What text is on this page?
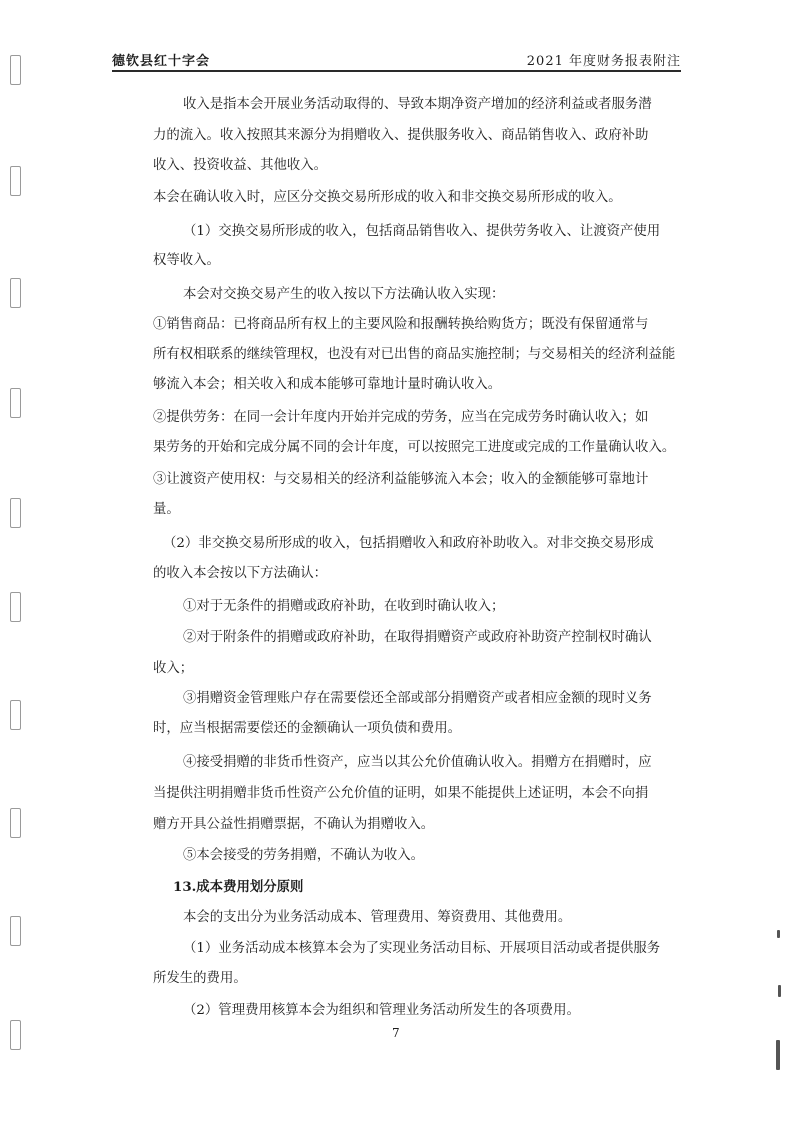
德钦县红十字会	2021 年度财务报表附注
收入是指本会开展业务活动取得的、导致本期净资产增加的经济利益或者服务潜
力的流入。收入按照其来源分为捐赠收入、提供服务收入、商品销售收入、政府补助
收入、投资收益、其他收入。
本会在确认收入时，应区分交换交易所形成的收入和非交换交易所形成的收入。
（1）交换交易所形成的收入，包括商品销售收入、提供劳务收入、让渡资产使用
权等收入。
本会对交换交易产生的收入按以下方法确认收入实现：
①销售商品：已将商品所有权上的主要风险和报酬转换给购货方；既没有保留通常与
所有权相联系的继续管理权，也没有对已出售的商品实施控制；与交易相关的经济利益能
够流入本会；相关收入和成本能够可靠地计量时确认收入。
②提供劳务：在同一会计年度内开始并完成的劳务，应当在完成劳务时确认收入；如
果劳务的开始和完成分属不同的会计年度，可以按照完工进度或完成的工作量确认收入。
③让渡资产使用权：与交易相关的经济利益能够流入本会；收入的金额能够可靠地计
量。
（2）非交换交易所形成的收入，包括捐赠收入和政府补助收入。对非交换交易形成
的收入本会按以下方法确认：
①对于无条件的捐赠或政府补助，在收到时确认收入；
②对于附条件的捐赠或政府补助，在取得捐赠资产或政府补助资产控制权时确认
收入；
③捐赠资金管理账户存在需要偿还全部或部分捐赠资产或者相应金额的现时义务
时，应当根据需要偿还的金额确认一项负债和费用。
④接受捐赠的非货币性资产，应当以其公允价值确认收入。捐赠方在捐赠时，应
当提供注明捐赠非货币性资产公允价值的证明，如果不能提供上述证明，本会不向捐
赠方开具公益性捐赠票据，不确认为捐赠收入。
⑤本会接受的劳务捐赠，不确认为收入。
13.成本费用划分原则
本会的支出分为业务活动成本、管理费用、筹资费用、其他费用。
（1）业务活动成本核算本会为了实现业务活动目标、开展项目活动或者提供服务
所发生的费用。
（2）管理费用核算本会为组织和管理业务活动所发生的各项费用。
7
